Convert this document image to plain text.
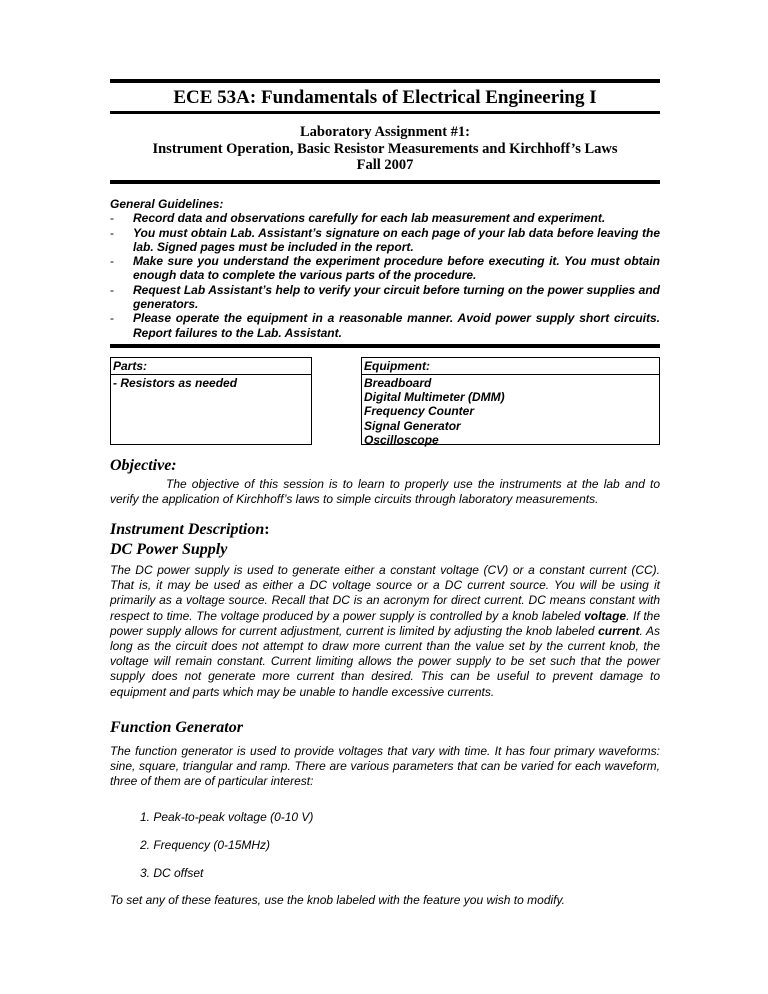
ECE 53A: Fundamentals of Electrical Engineering I
Laboratory Assignment #1:
Instrument Operation, Basic Resistor Measurements and Kirchhoff’s Laws
Fall 2007

General Guidelines:

- Record data and observations carefully for each lab measurement and experiment.
- You must obtain Lab. Assistant’s signature on each page of your lab data before leaving the lab. Signed pages must be included in the report.
- Make sure you understand the experiment procedure before executing it. You must obtain enough data to complete the various parts of the procedure.
- Request Lab Assistant’s help to verify your circuit before turning on the power supplies and generators.
- Please operate the equipment in a reasonable manner. Avoid power supply short circuits. Report failures to the Lab. Assistant.
Parts:
- Resistors as needed
Equipment:
Breadboard
Digital Multimeter (DMM)
Frequency Counter
Signal Generator
Oscilloscope
Objective:
The objective of this session is to learn to properly use the instruments at the lab and to verify the application of Kirchhoff’s laws to simple circuits through laboratory measurements.
Instrument Description:
DC Power Supply
The DC power supply is used to generate either a constant voltage (CV) or a constant current (CC). That is, it may be used as either a DC voltage source or a DC current source. You will be using it primarily as a voltage source. Recall that DC is an acronym for direct current. DC means constant with respect to time. The voltage produced by a power supply is controlled by a knob labeled voltage. If the power supply allows for current adjustment, current is limited by adjusting the knob labeled current. As long as the circuit does not attempt to draw more current than the value set by the current knob, the voltage will remain constant. Current limiting allows the power supply to be set such that the power supply does not generate more current than desired. This can be useful to prevent damage to equipment and parts which may be unable to handle excessive currents.
Function Generator
The function generator is used to provide voltages that vary with time. It has four primary waveforms: sine, square, triangular and ramp. There are various parameters that can be varied for each waveform, three of them are of particular interest:
1. Peak-to-peak voltage (0-10 V)
2. Frequency (0-15MHz)
3. DC offset
To set any of these features, use the knob labeled with the feature you wish to modify.
